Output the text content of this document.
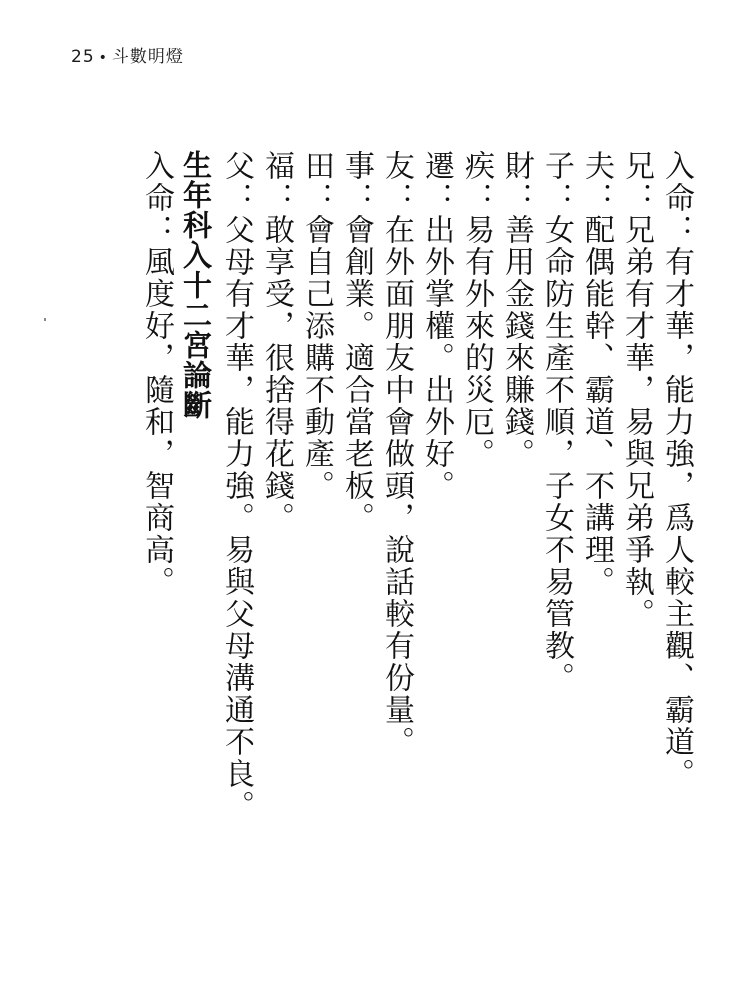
25 • 斗數明燈
入命：有才華，能力強，爲人較主觀、霸道。
兄：兄弟有才華，易與兄弟爭執。
夫：配偶能幹、霸道、不講理。
子：女命防生產不順，子女不易管教。
財：善用金錢來賺錢。
疾：易有外來的災厄。
遷：出外掌權。出外好。
友：在外面朋友中會做頭，說話較有份量。
事：會創業。適合當老板。
田：會自己添購不動產。
福：敢享受，很捨得花錢。
父：父母有才華，能力強。易與父母溝通不良。
生年科入十二宮論斷
入命：風度好，隨和，智商高。
